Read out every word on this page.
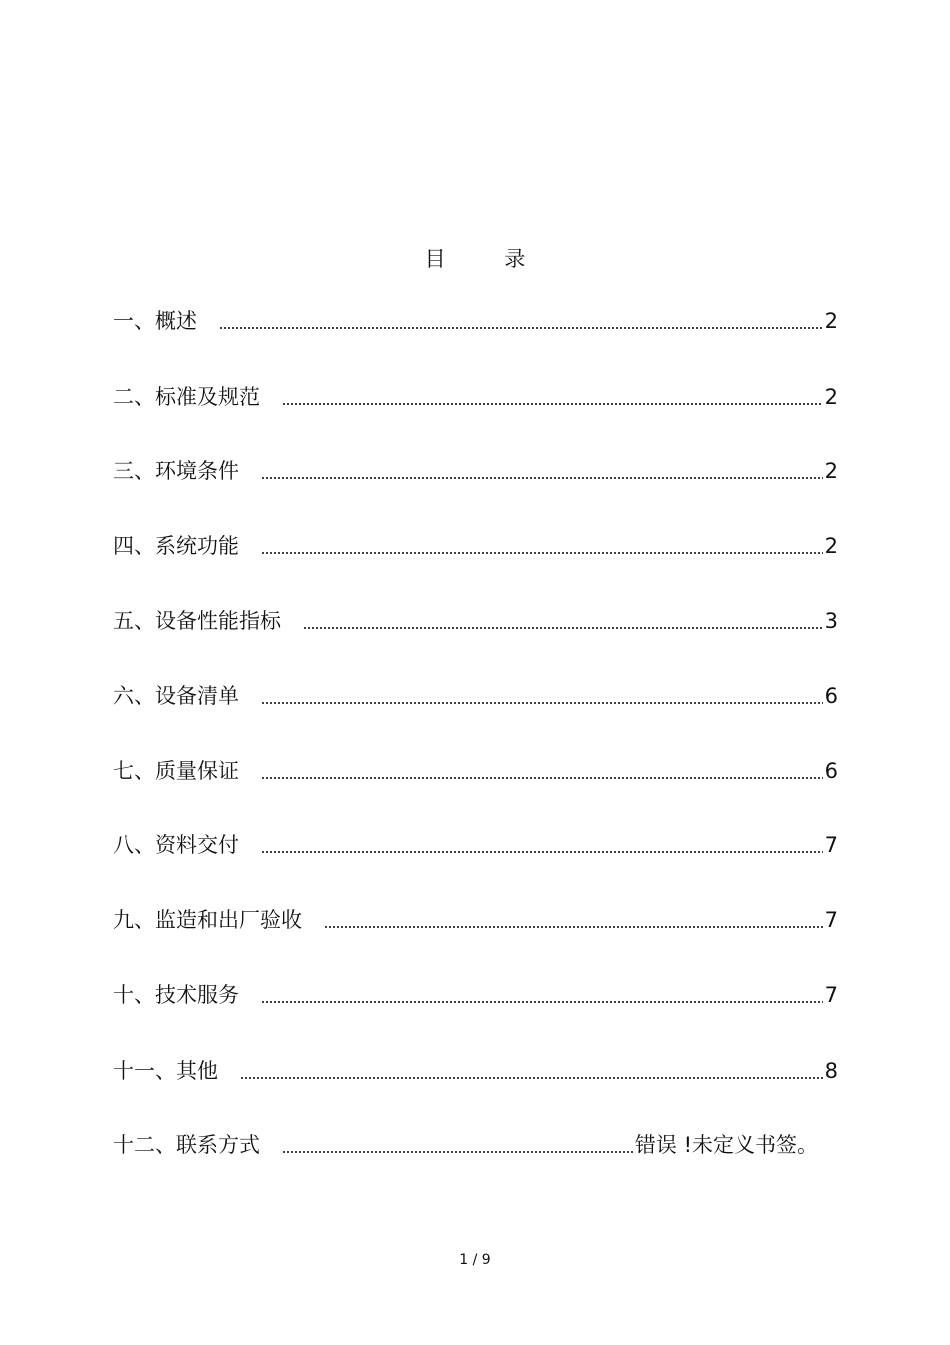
目 录
一、概述	2
二、标准及规范	2
三、环境条件	2
四、系统功能	2
五、设备性能指标	3
六、设备清单	6
七、质量保证	6
八、资料交付	7
九、监造和出厂验收	7
十、技术服务	7
十一、其他	8
十二、联系方式	错误 !未定义书签。
1 / 9
